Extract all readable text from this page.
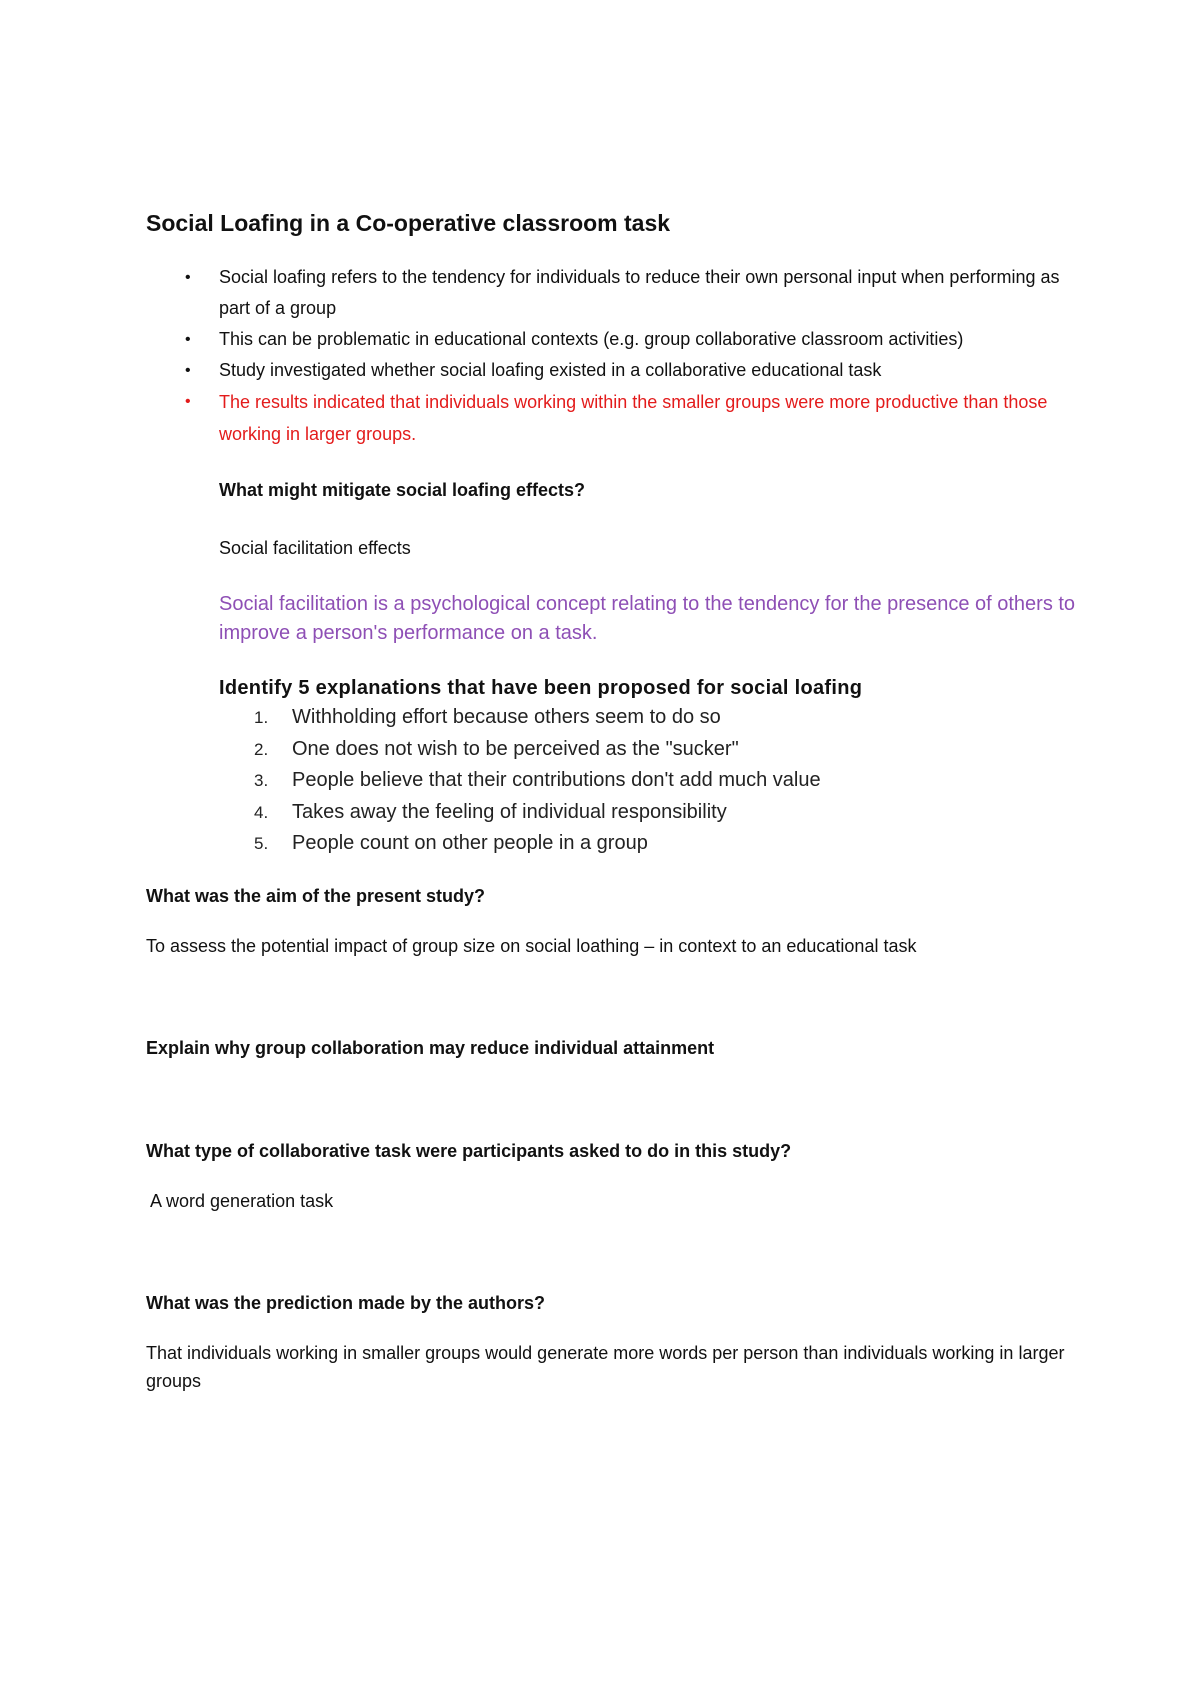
Social Loafing in a Co-operative classroom task
• Social loafing refers to the tendency for individuals to reduce their own personal input when performing as part of a group
• This can be problematic in educational contexts (e.g. group collaborative classroom activities)
• Study investigated whether social loafing existed in a collaborative educational task
• The results indicated that individuals working within the smaller groups were more productive than those working in larger groups.
What might mitigate social loafing effects?
Social facilitation effects
Social facilitation is a psychological concept relating to the tendency for the presence of others to improve a person's performance on a task.
Identify 5 explanations that have been proposed for social loafing
1. Withholding effort because others seem to do so
2. One does not wish to be perceived as the "sucker"
3. People believe that their contributions don't add much value
4. Takes away the feeling of individual responsibility
5. People count on other people in a group
What was the aim of the present study?
To assess the potential impact of group size on social loathing – in context to an educational task
Explain why group collaboration may reduce individual attainment
What type of collaborative task were participants asked to do in this study?
A word generation task
What was the prediction made by the authors?
That individuals working in smaller groups would generate more words per person than individuals working in larger groups
